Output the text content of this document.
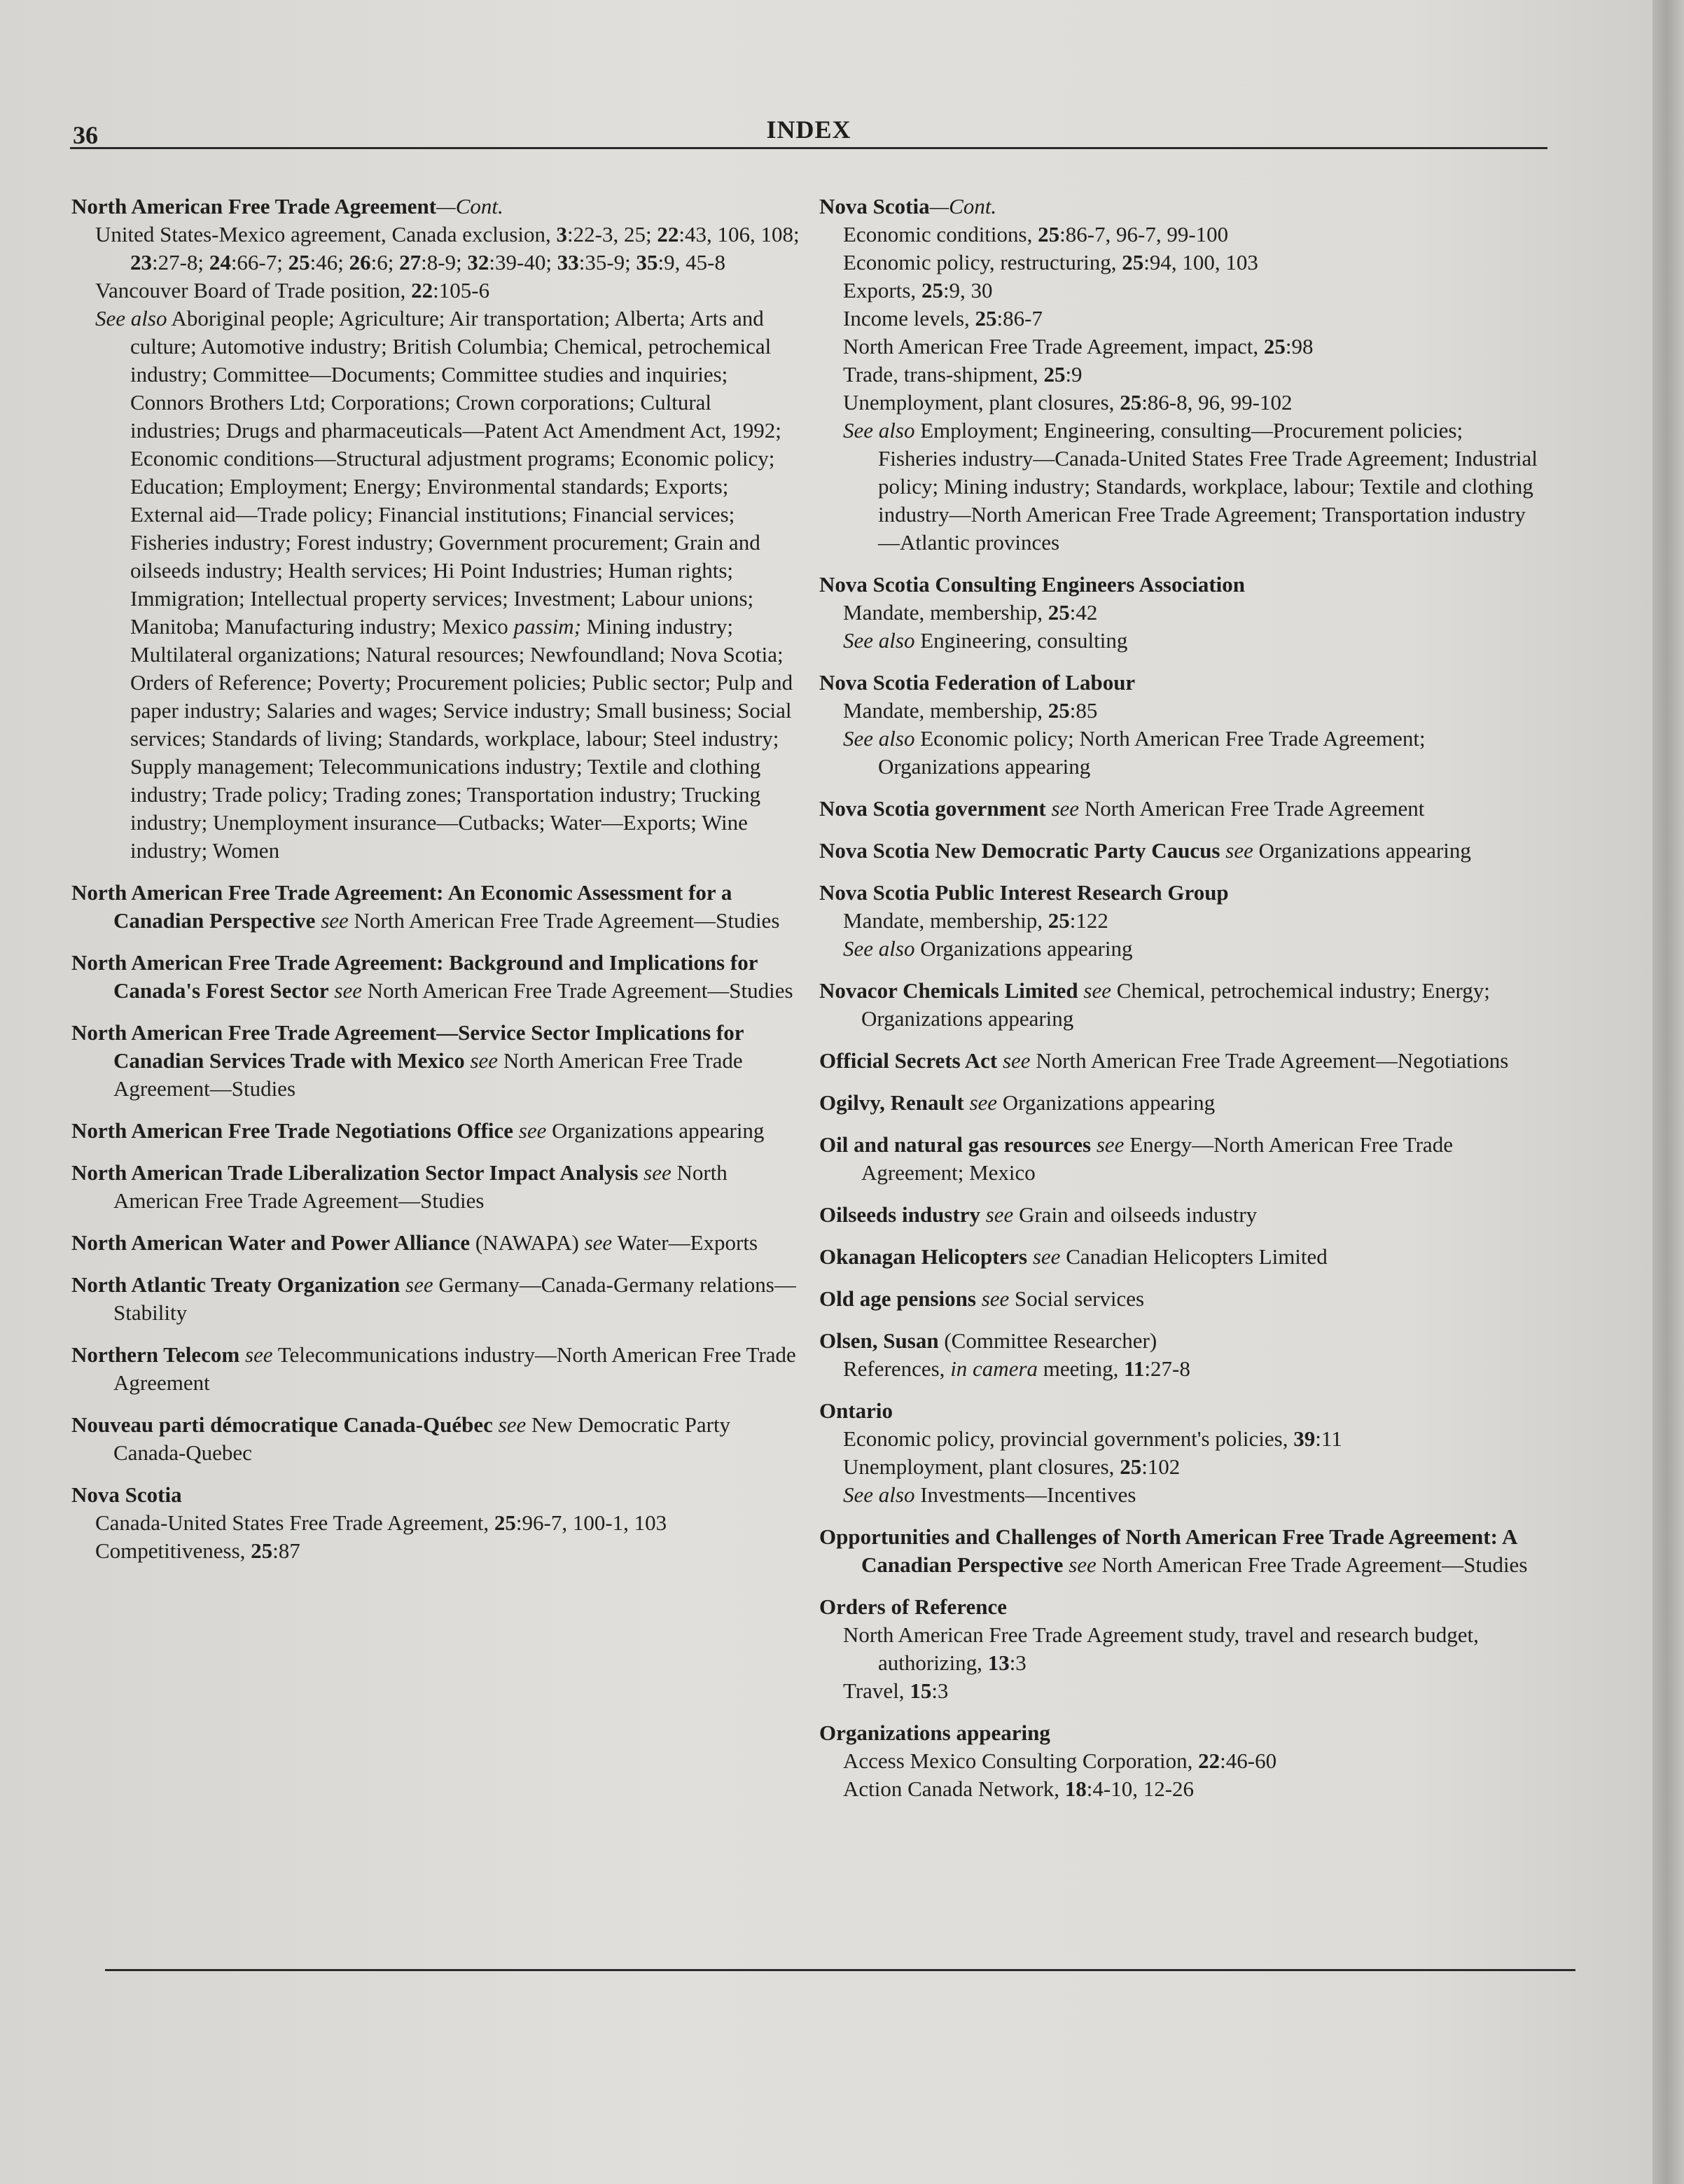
36	INDEX
North American Free Trade Agreement—Cont.
United States-Mexico agreement, Canada exclusion, 3:22-3, 25; 22:43, 106, 108; 23:27-8; 24:66-7; 25:46; 26:6; 27:8-9; 32:39-40; 33:35-9; 35:9, 45-8
Vancouver Board of Trade position, 22:105-6
See also Aboriginal people; Agriculture; Air transportation; Alberta; Arts and culture; Automotive industry; British Columbia; Chemical, petrochemical industry; Committee—Documents; Committee studies and inquiries; Connors Brothers Ltd; Corporations; Crown corporations; Cultural industries; Drugs and pharmaceuticals—Patent Act Amendment Act, 1992; Economic conditions—Structural adjustment programs; Economic policy; Education; Employment; Energy; Environmental standards; Exports; External aid—Trade policy; Financial institutions; Financial services; Fisheries industry; Forest industry; Government procurement; Grain and oilseeds industry; Health services; Hi Point Industries; Human rights; Immigration; Intellectual property services; Investment; Labour unions; Manitoba; Manufacturing industry; Mexico passim; Mining industry; Multilateral organizations; Natural resources; Newfoundland; Nova Scotia; Orders of Reference; Poverty; Procurement policies; Public sector; Pulp and paper industry; Salaries and wages; Service industry; Small business; Social services; Standards of living; Standards, workplace, labour; Steel industry; Supply management; Telecommunications industry; Textile and clothing industry; Trade policy; Trading zones; Transportation industry; Trucking industry; Unemployment insurance—Cutbacks; Water—Exports; Wine industry; Women
North American Free Trade Agreement: An Economic Assessment for a Canadian Perspective see North American Free Trade Agreement—Studies
North American Free Trade Agreement: Background and Implications for Canada's Forest Sector see North American Free Trade Agreement—Studies
North American Free Trade Agreement—Service Sector Implications for Canadian Services Trade with Mexico see North American Free Trade Agreement—Studies
North American Free Trade Negotiations Office see Organizations appearing
North American Trade Liberalization Sector Impact Analysis see North American Free Trade Agreement—Studies
North American Water and Power Alliance (NAWAPA) see Water—Exports
North Atlantic Treaty Organization see Germany—Canada-Germany relations—Stability
Northern Telecom see Telecommunications industry—North American Free Trade Agreement
Nouveau parti démocratique Canada-Québec see New Democratic Party Canada-Quebec
Nova Scotia
Canada-United States Free Trade Agreement, 25:96-7, 100-1, 103
Competitiveness, 25:87
Nova Scotia—Cont.
Economic conditions, 25:86-7, 96-7, 99-100
Economic policy, restructuring, 25:94, 100, 103
Exports, 25:9, 30
Income levels, 25:86-7
North American Free Trade Agreement, impact, 25:98
Trade, trans-shipment, 25:9
Unemployment, plant closures, 25:86-8, 96, 99-102
See also Employment; Engineering, consulting—Procurement policies; Fisheries industry—Canada-United States Free Trade Agreement; Industrial policy; Mining industry; Standards, workplace, labour; Textile and clothing industry—North American Free Trade Agreement; Transportation industry—Atlantic provinces
Nova Scotia Consulting Engineers Association
Mandate, membership, 25:42
See also Engineering, consulting
Nova Scotia Federation of Labour
Mandate, membership, 25:85
See also Economic policy; North American Free Trade Agreement; Organizations appearing
Nova Scotia government see North American Free Trade Agreement
Nova Scotia New Democratic Party Caucus see Organizations appearing
Nova Scotia Public Interest Research Group
Mandate, membership, 25:122
See also Organizations appearing
Novacor Chemicals Limited see Chemical, petrochemical industry; Energy; Organizations appearing
Official Secrets Act see North American Free Trade Agreement—Negotiations
Ogilvy, Renault see Organizations appearing
Oil and natural gas resources see Energy—North American Free Trade Agreement; Mexico
Oilseeds industry see Grain and oilseeds industry
Okanagan Helicopters see Canadian Helicopters Limited
Old age pensions see Social services
Olsen, Susan (Committee Researcher)
References, in camera meeting, 11:27-8
Ontario
Economic policy, provincial government's policies, 39:11
Unemployment, plant closures, 25:102
See also Investments—Incentives
Opportunities and Challenges of North American Free Trade Agreement: A Canadian Perspective see North American Free Trade Agreement—Studies
Orders of Reference
North American Free Trade Agreement study, travel and research budget, authorizing, 13:3
Travel, 15:3
Organizations appearing
Access Mexico Consulting Corporation, 22:46-60
Action Canada Network, 18:4-10, 12-26
